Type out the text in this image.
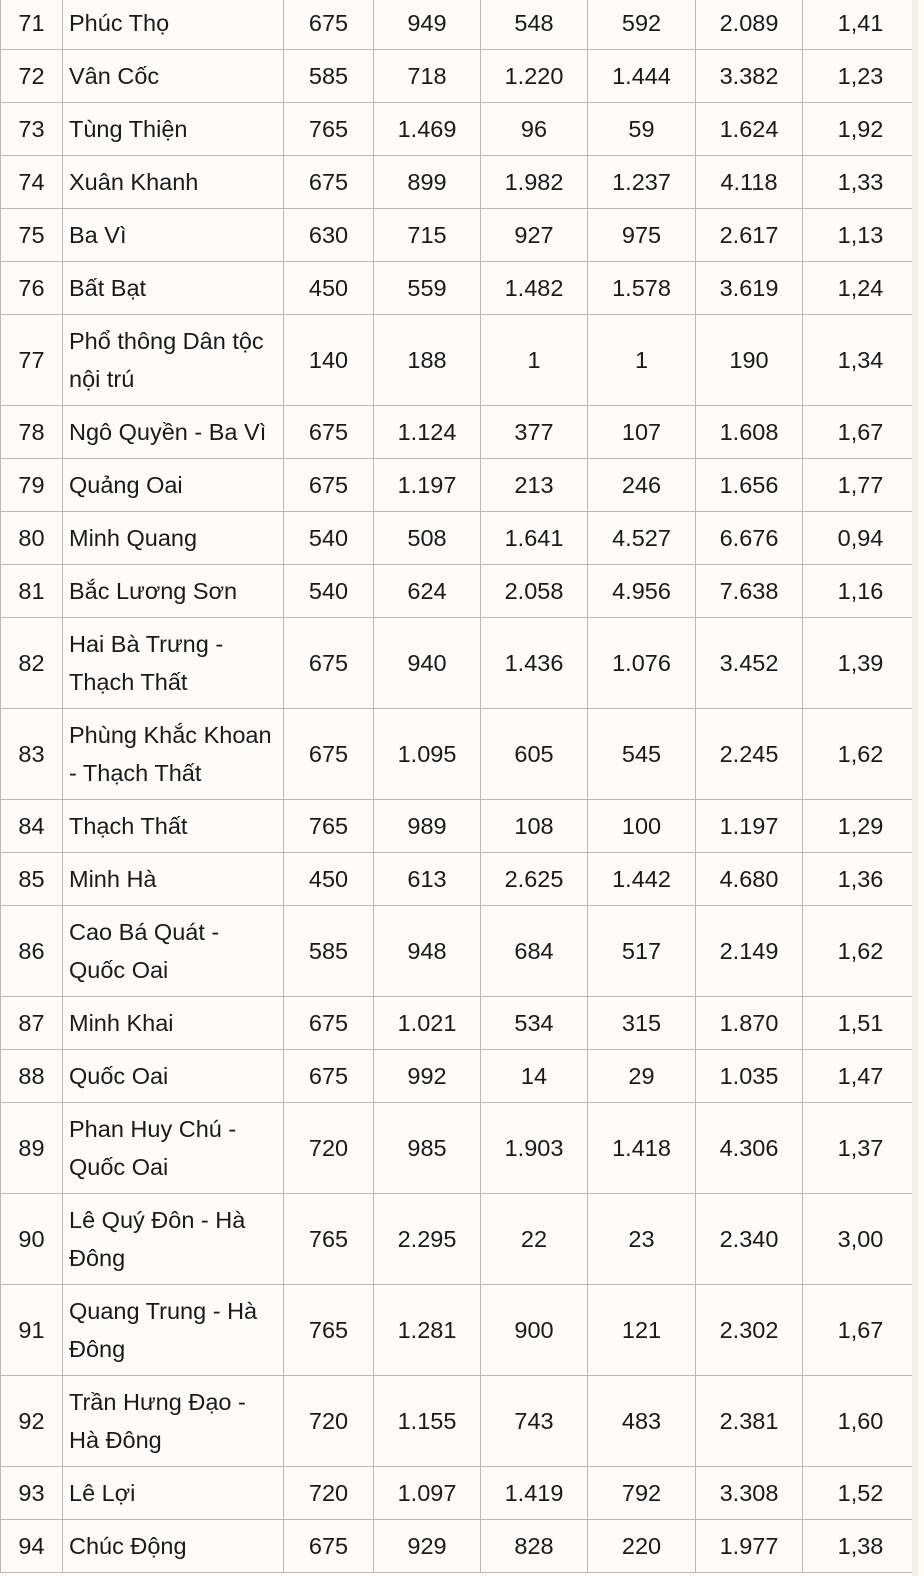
71	Phúc Thọ	675	949	548	592	2.089	1,41
72	Vân Cốc	585	718	1.220	1.444	3.382	1,23
73	Tùng Thiện	765	1.469	96	59	1.624	1,92
74	Xuân Khanh	675	899	1.982	1.237	4.118	1,33
75	Ba Vì	630	715	927	975	2.617	1,13
76	Bất Bạt	450	559	1.482	1.578	3.619	1,24
77	Phổ thông Dân tộc nội trú	140	188	1	1	190	1,34
78	Ngô Quyền - Ba Vì	675	1.124	377	107	1.608	1,67
79	Quảng Oai	675	1.197	213	246	1.656	1,77
80	Minh Quang	540	508	1.641	4.527	6.676	0,94
81	Bắc Lương Sơn	540	624	2.058	4.956	7.638	1,16
82	Hai Bà Trưng - Thạch Thất	675	940	1.436	1.076	3.452	1,39
83	Phùng Khắc Khoan - Thạch Thất	675	1.095	605	545	2.245	1,62
84	Thạch Thất	765	989	108	100	1.197	1,29
85	Minh Hà	450	613	2.625	1.442	4.680	1,36
86	Cao Bá Quát - Quốc Oai	585	948	684	517	2.149	1,62
87	Minh Khai	675	1.021	534	315	1.870	1,51
88	Quốc Oai	675	992	14	29	1.035	1,47
89	Phan Huy Chú - Quốc Oai	720	985	1.903	1.418	4.306	1,37
90	Lê Quý Đôn - Hà Đông	765	2.295	22	23	2.340	3,00
91	Quang Trung - Hà Đông	765	1.281	900	121	2.302	1,67
92	Trần Hưng Đạo - Hà Đông	720	1.155	743	483	2.381	1,60
93	Lê Lợi	720	1.097	1.419	792	3.308	1,52
94	Chúc Động	675	929	828	220	1.977	1,38
